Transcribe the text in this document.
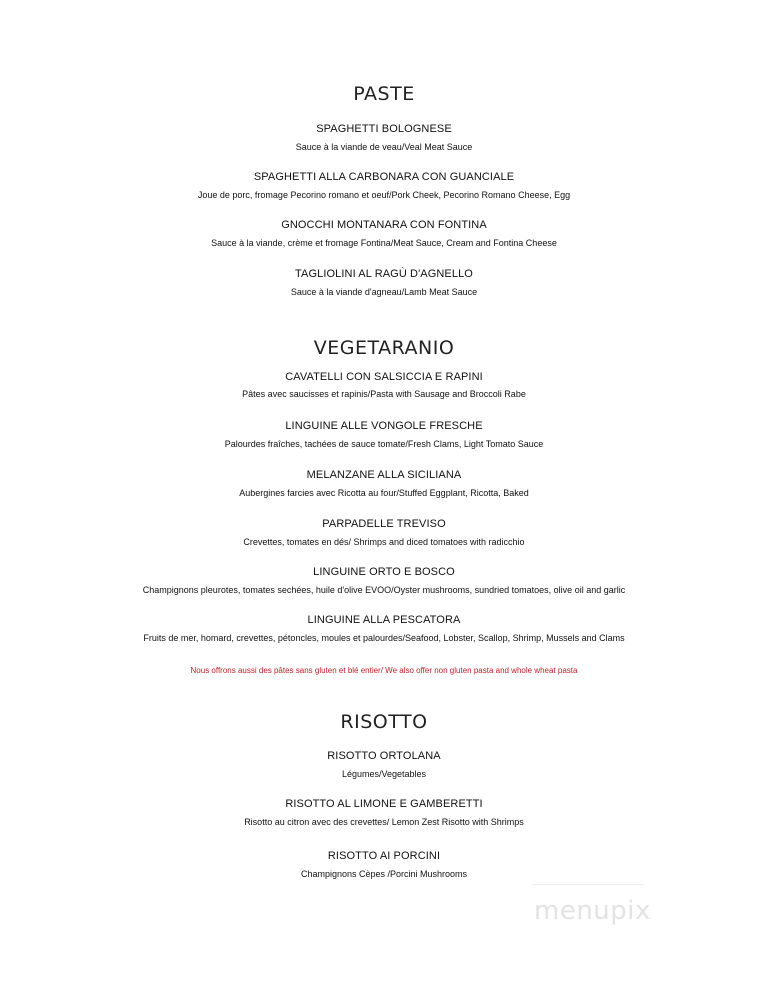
PASTE
SPAGHETTI BOLOGNESE
Sauce à la viande de veau/Veal Meat Sauce
SPAGHETTI ALLA CARBONARA CON GUANCIALE
Joue de porc, fromage Pecorino romano et oeuf/Pork Cheek, Pecorino Romano Cheese, Egg
GNOCCHI MONTANARA CON FONTINA
Sauce à la viande, crème et fromage Fontina/Meat Sauce, Cream and Fontina Cheese
TAGLIOLINI AL RAGÙ D'AGNELLO
Sauce à la viande d'agneau/Lamb Meat Sauce
VEGETARANIO
CAVATELLI CON SALSICCIA E RAPINI
Pâtes avec saucisses et rapinis/Pasta with Sausage and Broccoli Rabe
LINGUINE ALLE VONGOLE FRESCHE
Palourdes fraîches, tachées de sauce tomate/Fresh Clams, Light Tomato Sauce
MELANZANE ALLA SICILIANA
Aubergines farcies avec Ricotta au four/Stuffed Eggplant, Ricotta, Baked
PARPADELLE TREVISO
Crevettes, tomates en dés/ Shrimps and diced tomatoes with radicchio
LINGUINE ORTO E BOSCO
Champignons pleurotes, tomates sechées, huile d'olive EVOO/Oyster mushrooms, sundried tomatoes, olive oil and garlic
LINGUINE ALLA PESCATORA
Fruits de mer, homard, crevettes, pétoncles, moules et palourdes/Seafood, Lobster, Scallop, Shrimp, Mussels and Clams
Nous offrons aussi des pâtes sans gluten et blé entier/ We also offer non gluten pasta and whole wheat pasta
RISOTTO
RISOTTO ORTOLANA
Légumes/Vegetables
RISOTTO AL LIMONE E GAMBERETTI
Risotto au citron avec des crevettes/ Lemon Zest Risotto with Shrimps
RISOTTO AI PORCINI
Champignons Cèpes /Porcini Mushrooms
menupix
